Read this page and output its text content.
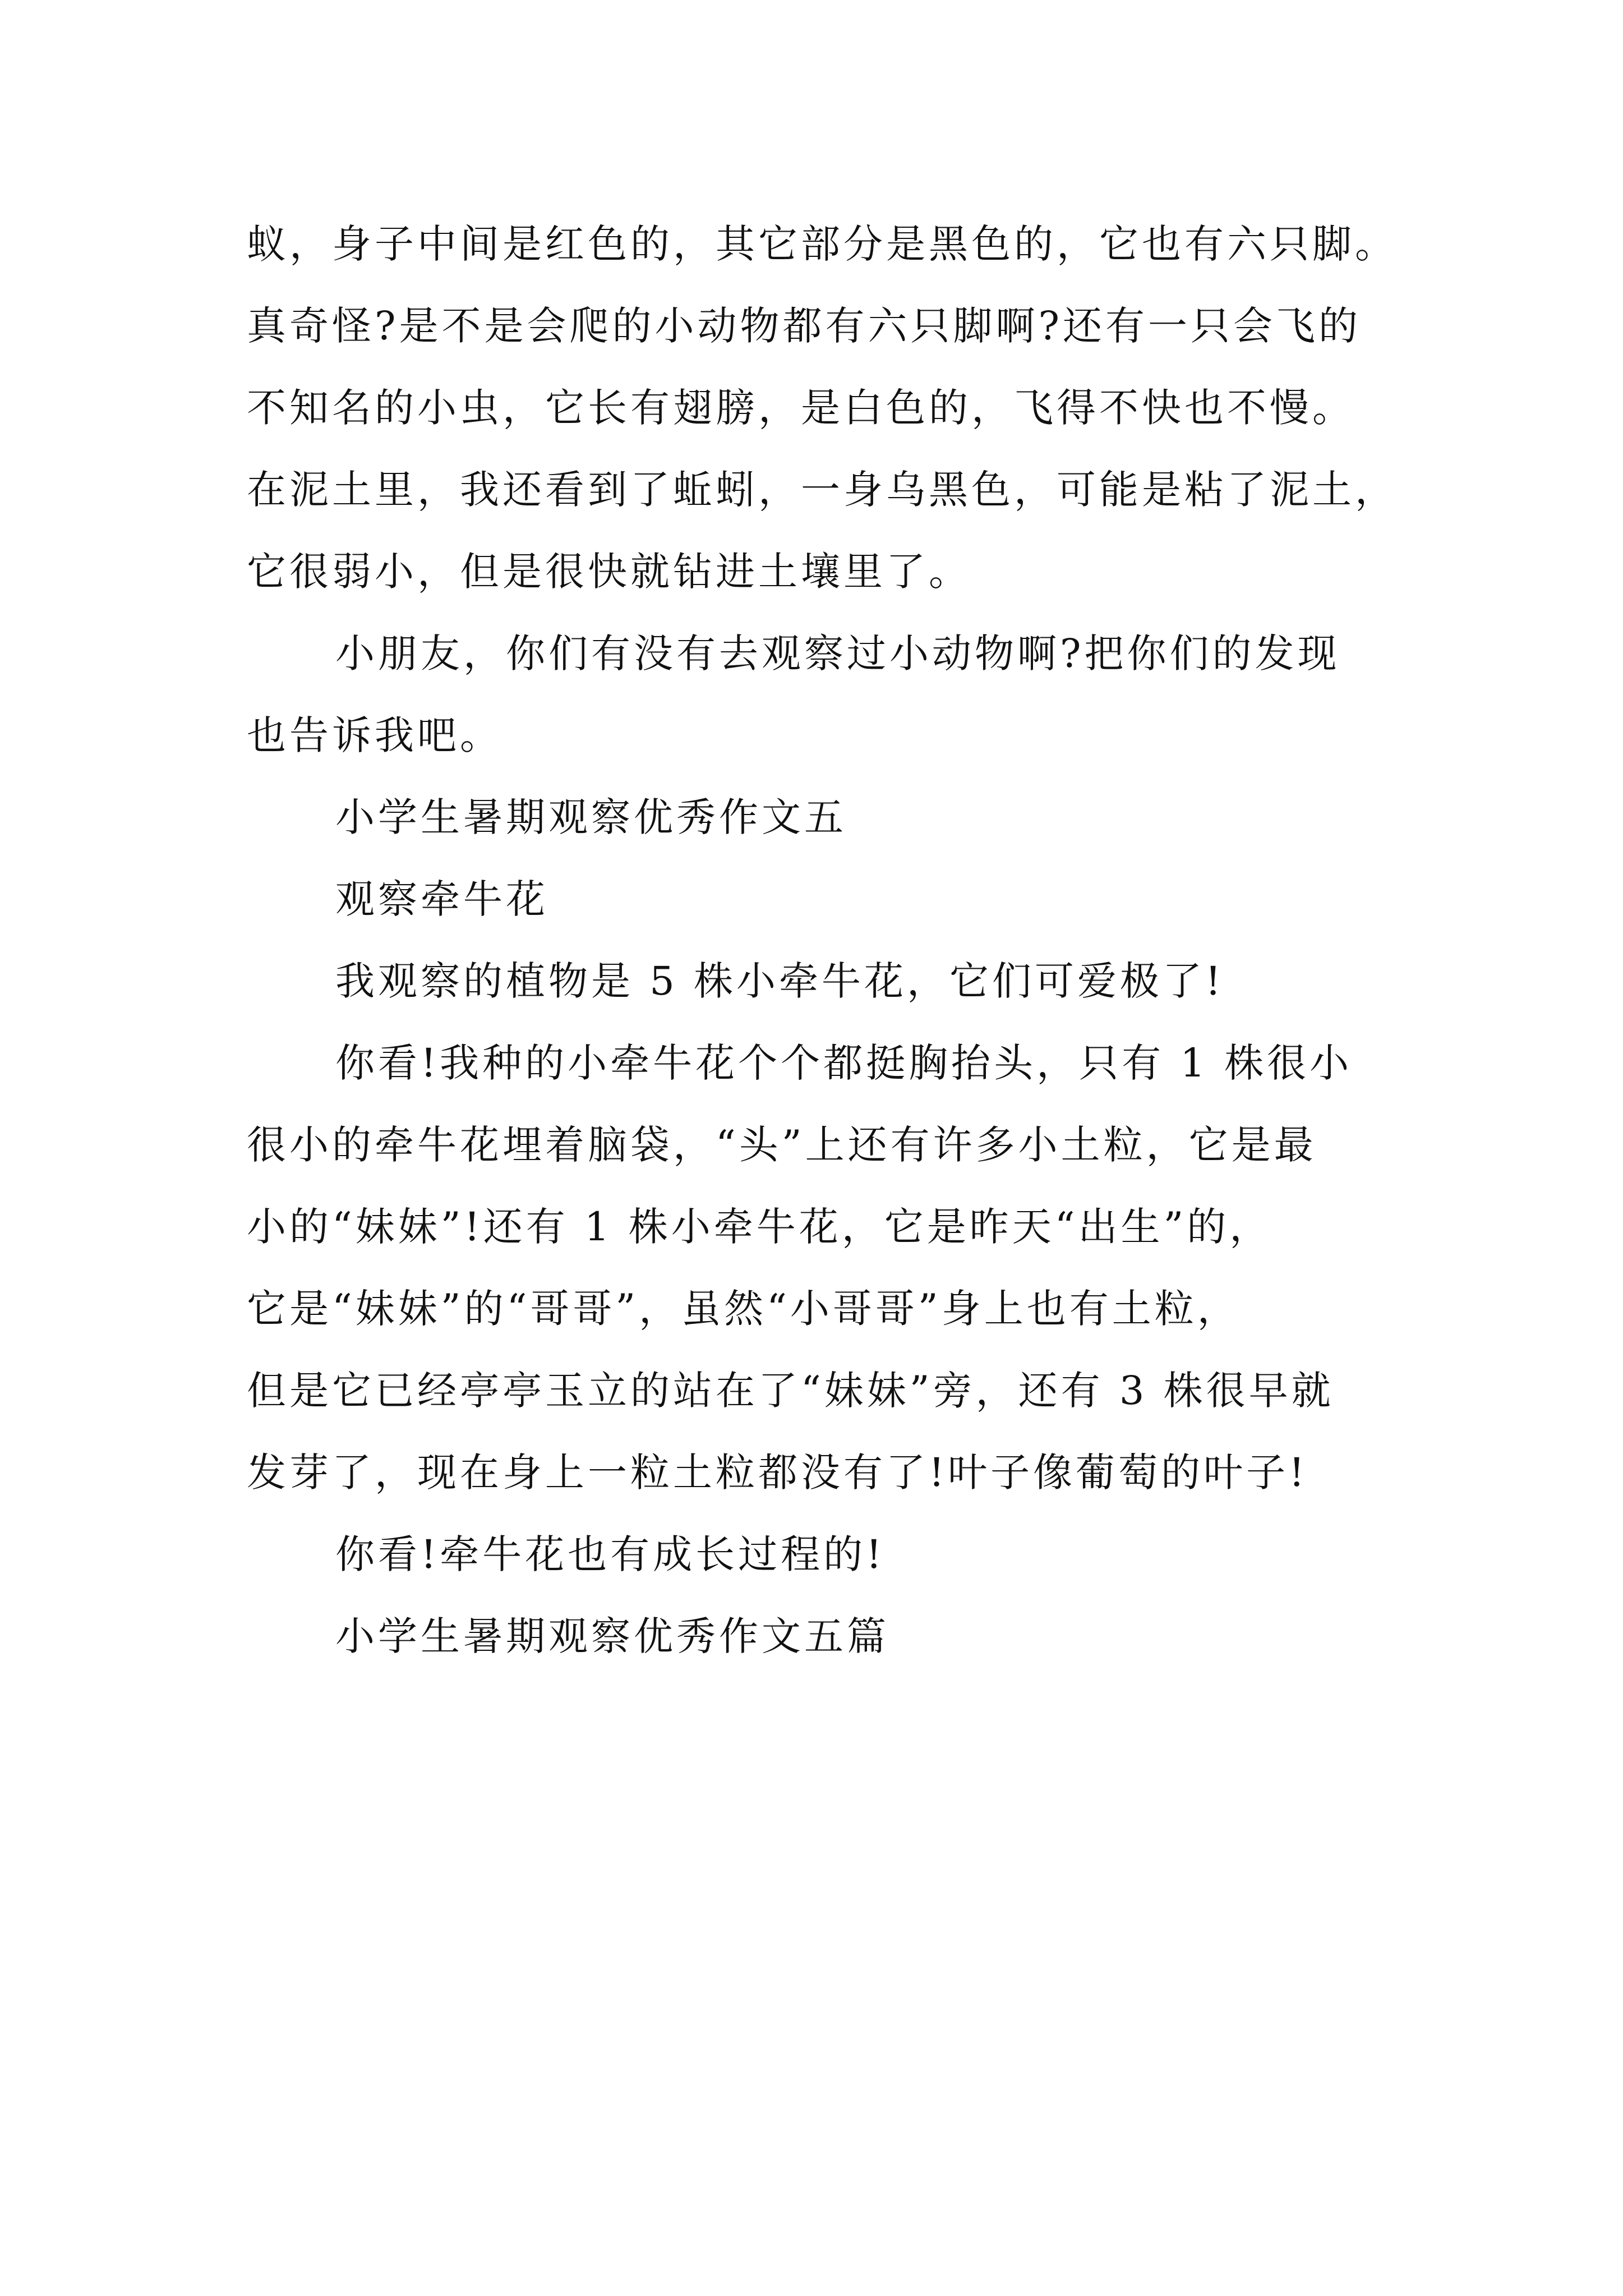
蚁，身子中间是红色的，其它部分是黑色的，它也有六只脚。
真奇怪?是不是会爬的小动物都有六只脚啊?还有一只会飞的
不知名的小虫，它长有翅膀，是白色的，飞得不快也不慢。
在泥土里，我还看到了蚯蚓，一身乌黑色，可能是粘了泥土，
它很弱小，但是很快就钻进土壤里了。
小朋友，你们有没有去观察过小动物啊?把你们的发现
也告诉我吧。
小学生暑期观察优秀作文五
观察牵牛花
我观察的植物是 5 株小牵牛花，它们可爱极了!
你看!我种的小牵牛花个个都挺胸抬头，只有 1 株很小
很小的牵牛花埋着脑袋，“头”上还有许多小土粒，它是最
小的“妹妹”!还有 1 株小牵牛花，它是昨天“出生”的，
它是“妹妹”的“哥哥”，虽然“小哥哥”身上也有土粒，
但是它已经亭亭玉立的站在了“妹妹”旁，还有 3 株很早就
发芽了，现在身上一粒土粒都没有了!叶子像葡萄的叶子!
你看!牵牛花也有成长过程的!
小学生暑期观察优秀作文五篇
